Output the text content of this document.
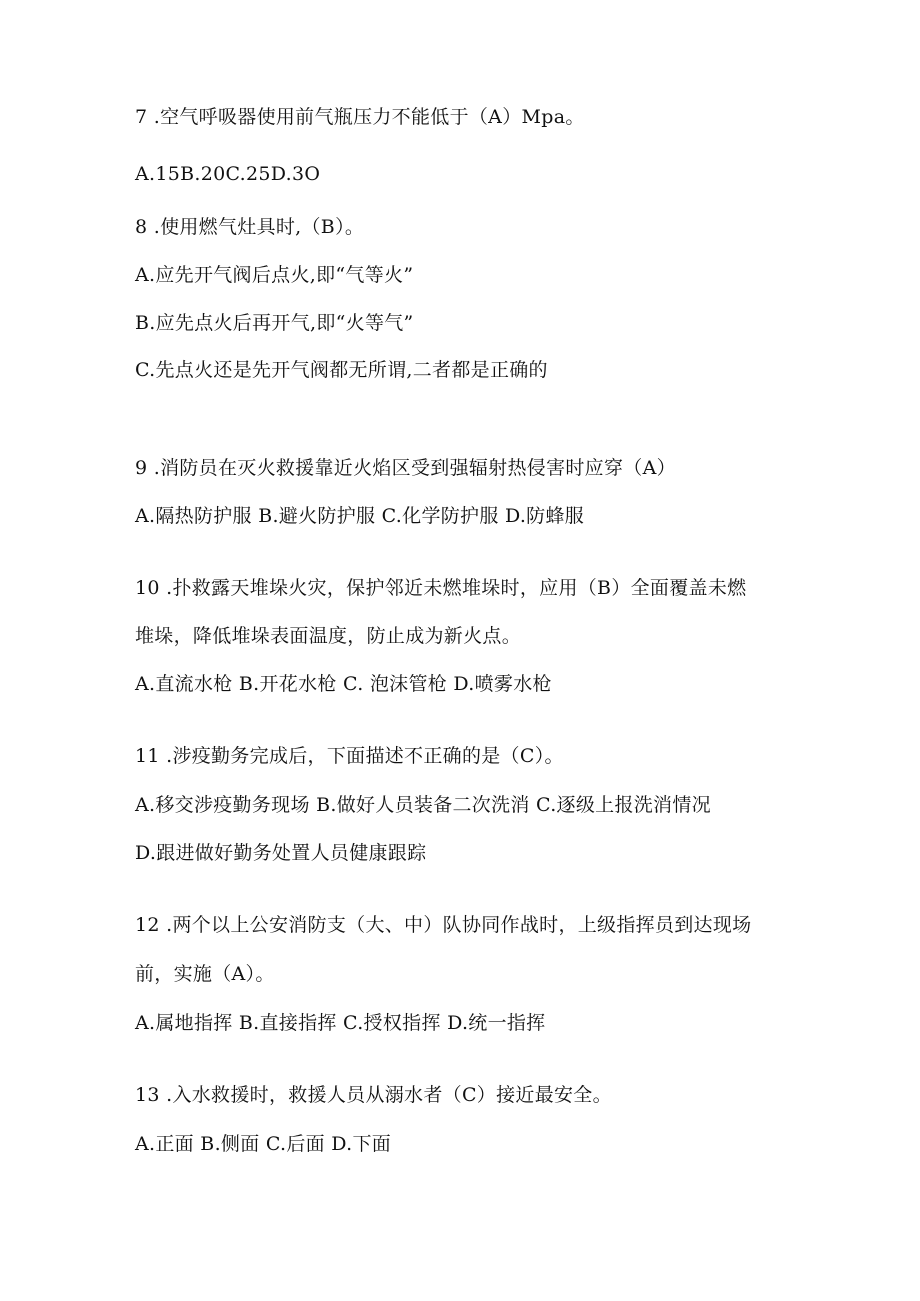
7 .空气呼吸器使用前气瓶压力不能低于（A）Mpa。
A.15B.20C.25D.3O
8 .使用燃气灶具时,（B）。
A.应先开气阀后点火,即“气等火”
B.应先点火后再开气,即“火等气”
C.先点火还是先开气阀都无所谓,二者都是正确的
9 .消防员在灭火救援靠近火焰区受到强辐射热侵害时应穿（A）
A.隔热防护服 B.避火防护服 C.化学防护服 D.防蜂服
10 .扑救露天堆垛火灾，保护邻近未燃堆垛时，应用（B）全面覆盖未燃
堆垛，降低堆垛表面温度，防止成为新火点。
A.直流水枪 B.开花水枪 C. 泡沫管枪 D.喷雾水枪
11 .涉疫勤务完成后，下面描述不正确的是（C）。
A.移交涉疫勤务现场 B.做好人员装备二次洗消 C.逐级上报洗消情况
D.跟进做好勤务处置人员健康跟踪
12 .两个以上公安消防支（大、中）队协同作战时，上级指挥员到达现场
前，实施（A）。
A.属地指挥 B.直接指挥 C.授权指挥 D.统一指挥
13 .入水救援时，救援人员从溺水者（C）接近最安全。
A.正面 B.侧面 C.后面 D.下面
